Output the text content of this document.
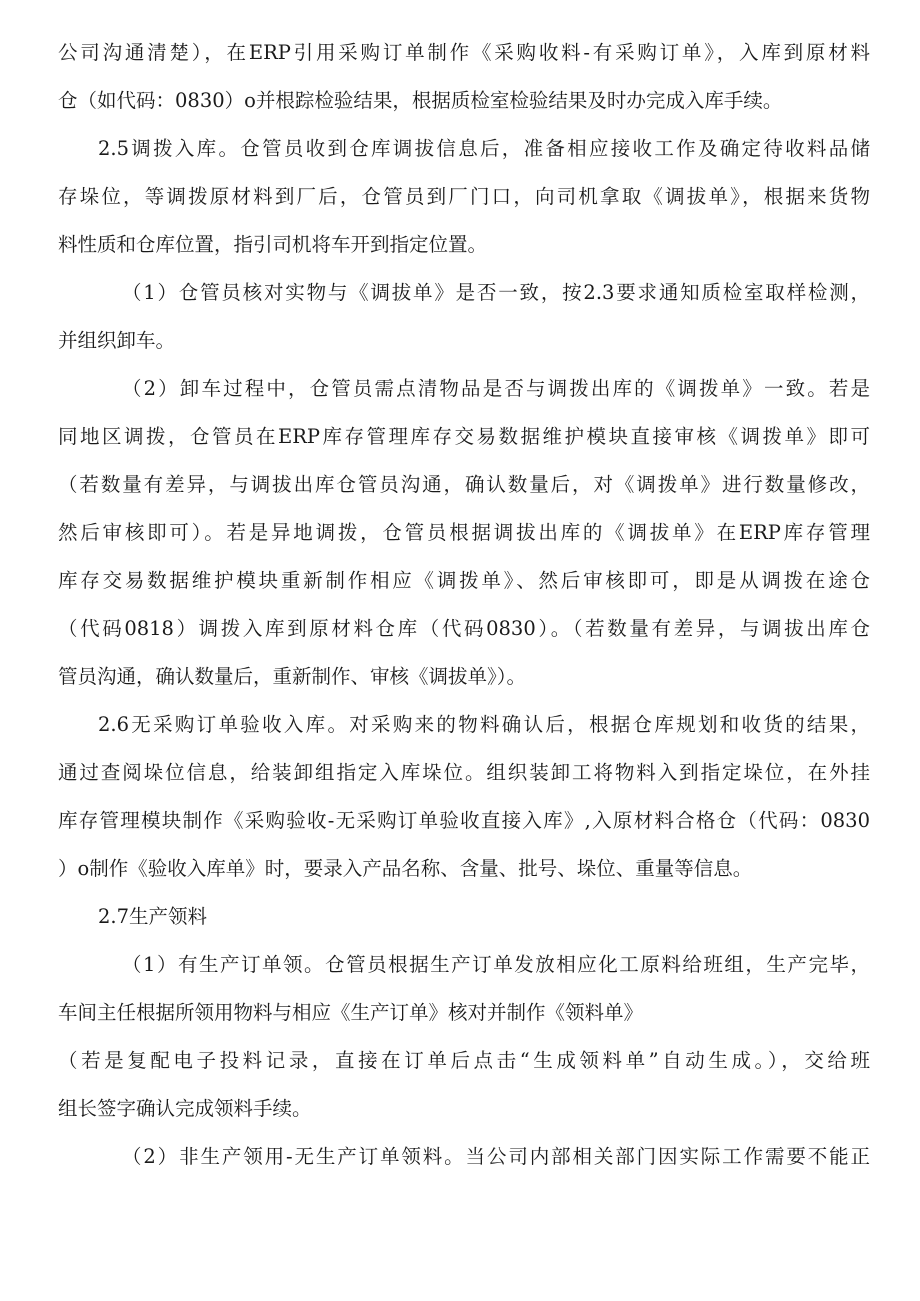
公司沟通清楚），在ERP引用采购订单制作《采购收料-有采购订单》，入库到原材料
仓（如代码：0830）o并根踪检验结果，根据质检室检验结果及时办完成入库手续。
2.5调拨入库。仓管员收到仓库调拔信息后，准备相应接收工作及确定待收料品储
存垛位，等调拨原材料到厂后，仓管员到厂门口，向司机拿取《调拔单》，根据来货物
料性质和仓库位置，指引司机将车开到指定位置。
（1）仓管员核对实物与《调拔单》是否一致，按2.3要求通知质检室取样检测，
并组织卸车。
（2）卸车过程中，仓管员需点清物品是否与调拨出库的《调拨单》一致。若是
同地区调拨，仓管员在ERP库存管理库存交易数据维护模块直接审核《调拨单》即可
（若数量有差异，与调拔出库仓管员沟通，确认数量后，对《调拨单》进行数量修改，
然后审核即可）。若是异地调拨，仓管员根据调拔出库的《调拔单》在ERP库存管理
库存交易数据维护模块重新制作相应《调拨单》、然后审核即可，即是从调拨在途仓
（代码0818）调拨入库到原材料仓库（代码0830）。（若数量有差异，与调拔出库仓
管员沟通，确认数量后，重新制作、审核《调拔单》）。
2.6无采购订单验收入库。对采购来的物料确认后，根据仓库规划和收货的结果，
通过查阅垛位信息，给装卸组指定入库垛位。组织装卸工将物料入到指定垛位，在外挂
库存管理模块制作《采购验收-无采购订单验收直接入库》,入原材料合格仓（代码：0830
）o制作《验收入库单》时，要录入产品名称、含量、批号、垛位、重量等信息。
2.7生产领料
（1）有生产订单领。仓管员根据生产订单发放相应化工原料给班组，生产完毕，
车间主任根据所领用物料与相应《生产订单》核对并制作《领料单》
（若是复配电子投料记录，直接在订单后点击“生成领料单”自动生成。），交给班
组长签字确认完成领料手续。
（2）非生产领用-无生产订单领料。当公司内部相关部门因实际工作需要不能正
